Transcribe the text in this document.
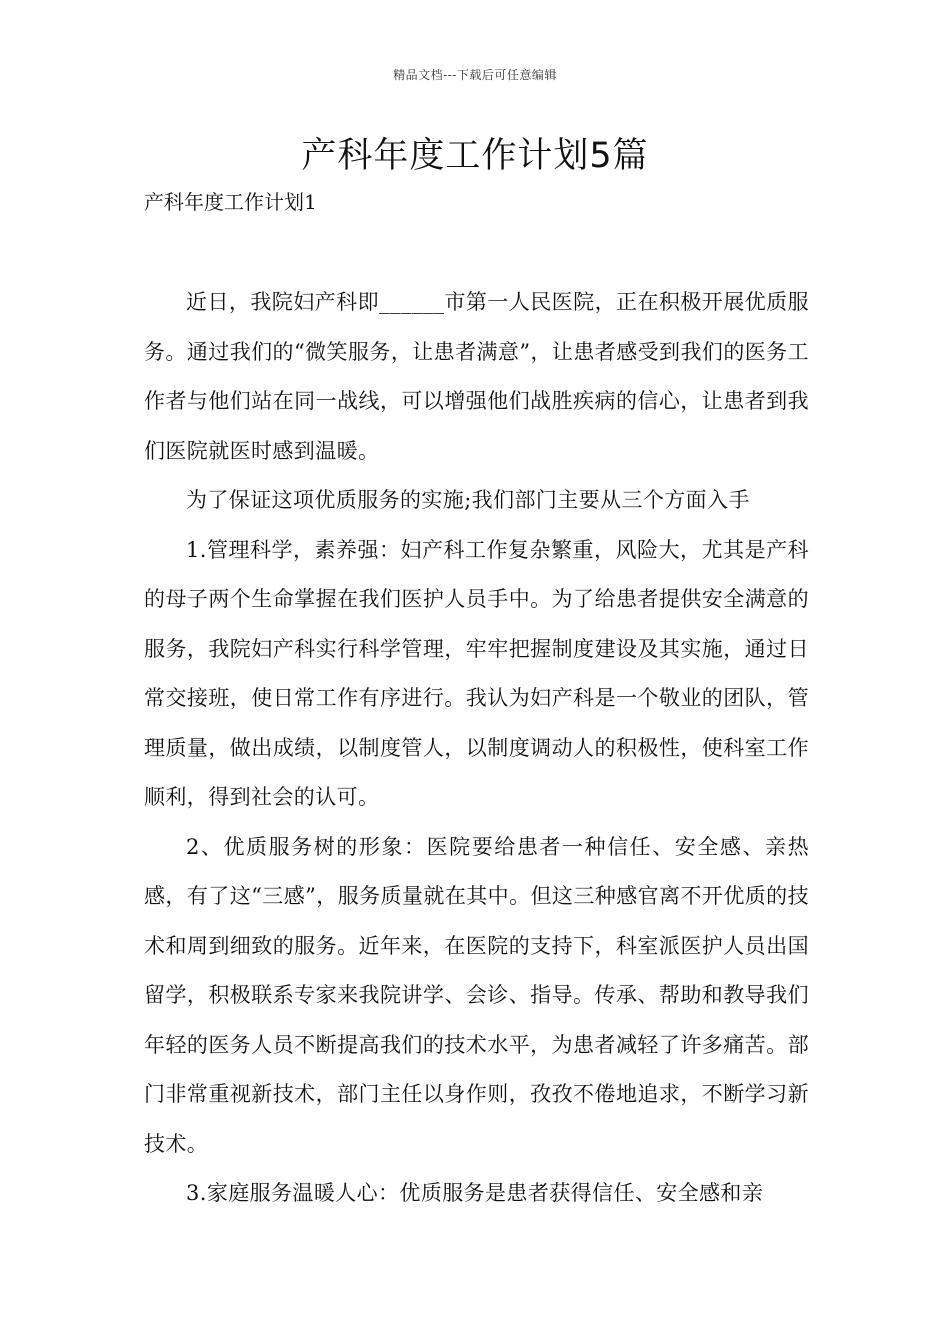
精品文档---下载后可任意编辑
产科年度工作计划5篇
产科年度工作计划1

近日，我院妇产科即______市第一人民医院，正在积极开展优质服务。通过我们的“微笑服务，让患者满意”，让患者感受到我们的医务工作者与他们站在同一战线，可以增强他们战胜疾病的信心，让患者到我们医院就医时感到温暖。

为了保证这项优质服务的实施;我们部门主要从三个方面入手

1.管理科学，素养强：妇产科工作复杂繁重，风险大，尤其是产科的母子两个生命掌握在我们医护人员手中。为了给患者提供安全满意的服务，我院妇产科实行科学管理，牢牢把握制度建设及其实施，通过日常交接班，使日常工作有序进行。我认为妇产科是一个敬业的团队，管理质量，做出成绩，以制度管人，以制度调动人的积极性，使科室工作顺利，得到社会的认可。

2、优质服务树的形象：医院要给患者一种信任、安全感、亲热感，有了这“三感”，服务质量就在其中。但这三种感官离不开优质的技术和周到细致的服务。近年来，在医院的支持下，科室派医护人员出国留学，积极联系专家来我院讲学、会诊、指导。传承、帮助和教导我们年轻的医务人员不断提高我们的技术水平，为患者减轻了许多痛苦。部门非常重视新技术，部门主任以身作则，孜孜不倦地追求，不断学习新技术。

3.家庭服务温暖人心：优质服务是患者获得信任、安全感和亲
